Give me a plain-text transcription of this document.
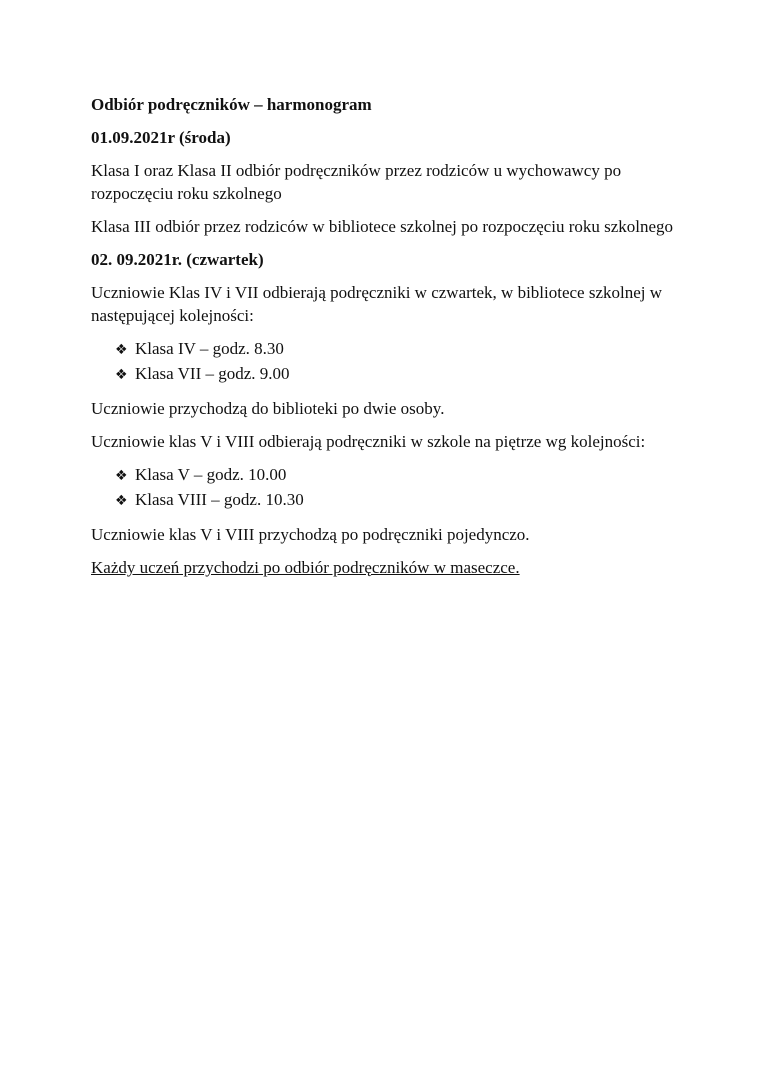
Odbiór podręczników – harmonogram

01.09.2021r (środa)

Klasa I oraz Klasa II odbiór podręczników przez rodziców u wychowawcy po rozpoczęciu roku szkolnego

Klasa III odbiór przez rodziców w bibliotece szkolnej po rozpoczęciu roku szkolnego

02. 09.2021r. (czwartek)

Uczniowie Klas IV i VII odbierają podręczniki w czwartek, w bibliotece szkolnej w następującej kolejności:

❖ Klasa IV – godz. 8.30
❖ Klasa VII – godz. 9.00

Uczniowie przychodzą do biblioteki po dwie osoby.

Uczniowie klas V i VIII odbierają podręczniki w szkole na piętrze wg kolejności:

❖ Klasa V – godz. 10.00
❖ Klasa VIII – godz. 10.30

Uczniowie klas V i VIII przychodzą po podręczniki pojedynczo.

Każdy uczeń przychodzi po odbiór podręczników w maseczce.
